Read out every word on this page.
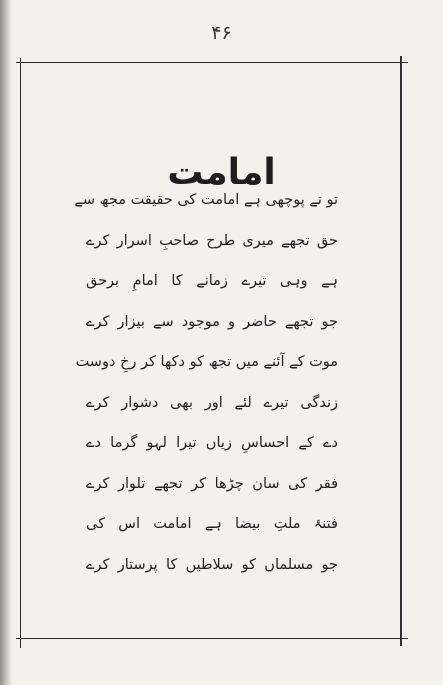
۴۶
امامت
تو نے پوچھی ہے امامت کی حقیقت مجھ سے
حق تجھے میری طرح صاحبِ اسرار کرے
ہے وہی تیرے زمانے کا امامِ برحق
جو تجھے حاضر و موجود سے بیزار کرے
موت کے آئنے میں تجھ کو دکھا کر رخِ دوست
زندگی تیرے لئے اور بھی دشوار کرے
دے کے احساسِ زیاں تیرا لہو گرما دے
فقر کی سان چڑھا کر تجھے تلوار کرے
فتنۂ ملتِ بیضا ہے امامت اس کی
جو مسلماں کو سلاطیں کا پرستار کرے
